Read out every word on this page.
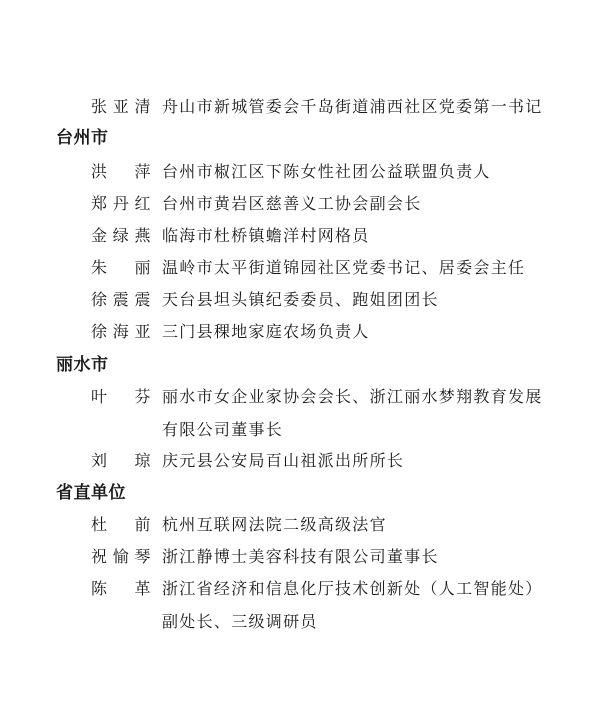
张亚清 舟山市新城管委会千岛街道浦西社区党委第一书记
台州市
洪　萍 台州市椒江区下陈女性社团公益联盟负责人
郑丹红 台州市黄岩区慈善义工协会副会长
金绿燕 临海市杜桥镇蟾洋村网格员
朱　丽 温岭市太平街道锦园社区党委书记、居委会主任
徐震震 天台县坦头镇纪委委员、跑姐团团长
徐海亚 三门县稞地家庭农场负责人
丽水市
叶　芬 丽水市女企业家协会会长、浙江丽水梦翔教育发展有限公司董事长
刘　琼 庆元县公安局百山祖派出所所长
省直单位
杜　前 杭州互联网法院二级高级法官
祝愉琴 浙江静博士美容科技有限公司董事长
陈　革 浙江省经济和信息化厅技术创新处（人工智能处）副处长、三级调研员
